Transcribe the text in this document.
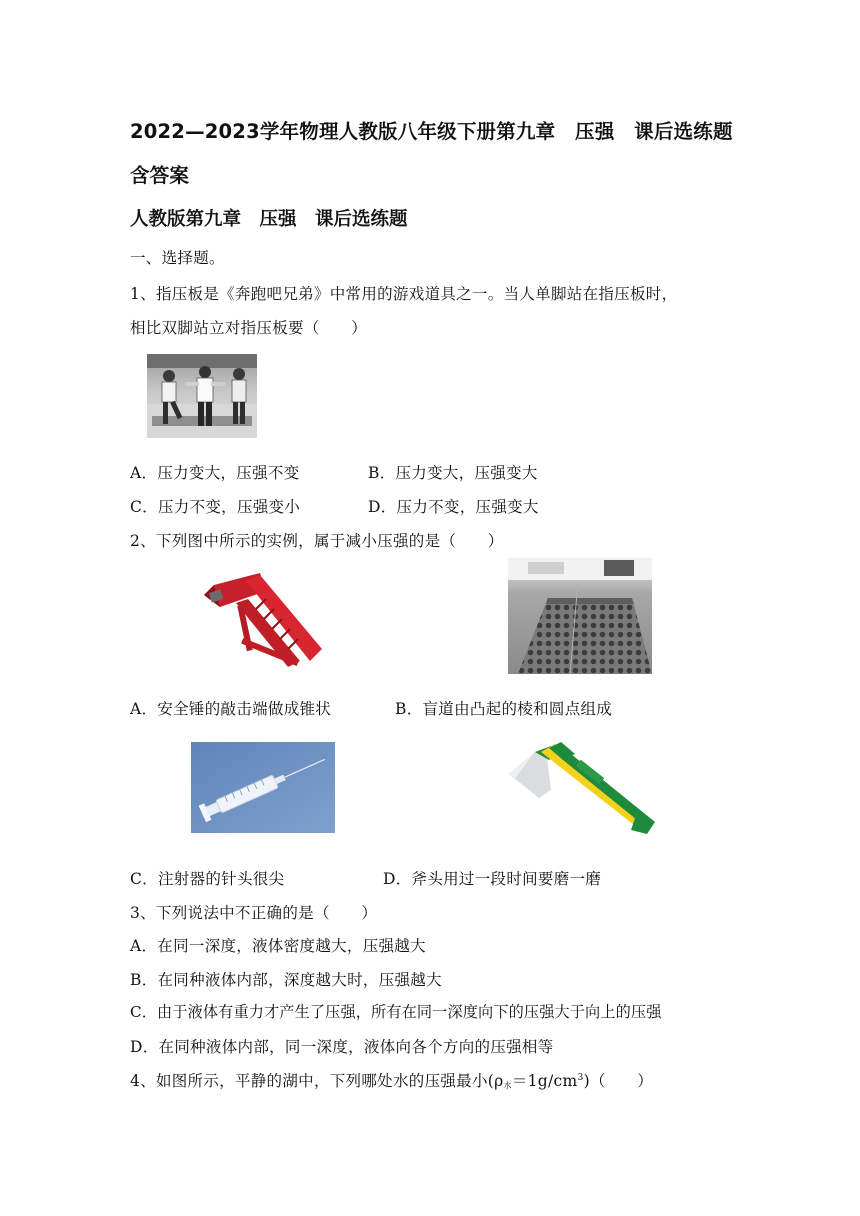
2022—2023学年物理人教版八年级下册第九章　压强　课后选练题
含答案
人教版第九章　压强　课后选练题
一、选择题。
1、指压板是《奔跑吧兄弟》中常用的游戏道具之一。当人单脚站在指压板时，
相比双脚站立对指压板要（　　）
A．压力变大，压强不变	B．压力变大，压强变大
C．压力不变，压强变小	D．压力不变，压强变大
2、下列图中所示的实例，属于减小压强的是（　　）
A．安全锤的敲击端做成锥状	B．盲道由凸起的棱和圆点组成
C．注射器的针头很尖	D．斧头用过一段时间要磨一磨
3、下列说法中不正确的是（　　）
A．在同一深度，液体密度越大，压强越大
B．在同种液体内部，深度越大时，压强越大
C．由于液体有重力才产生了压强，所有在同一深度向下的压强大于向上的压强
D．在同种液体内部，同一深度，液体向各个方向的压强相等
4、如图所示，平静的湖中，下列哪处水的压强最小$(\rho_水=1g/cm^3)$（　　）
